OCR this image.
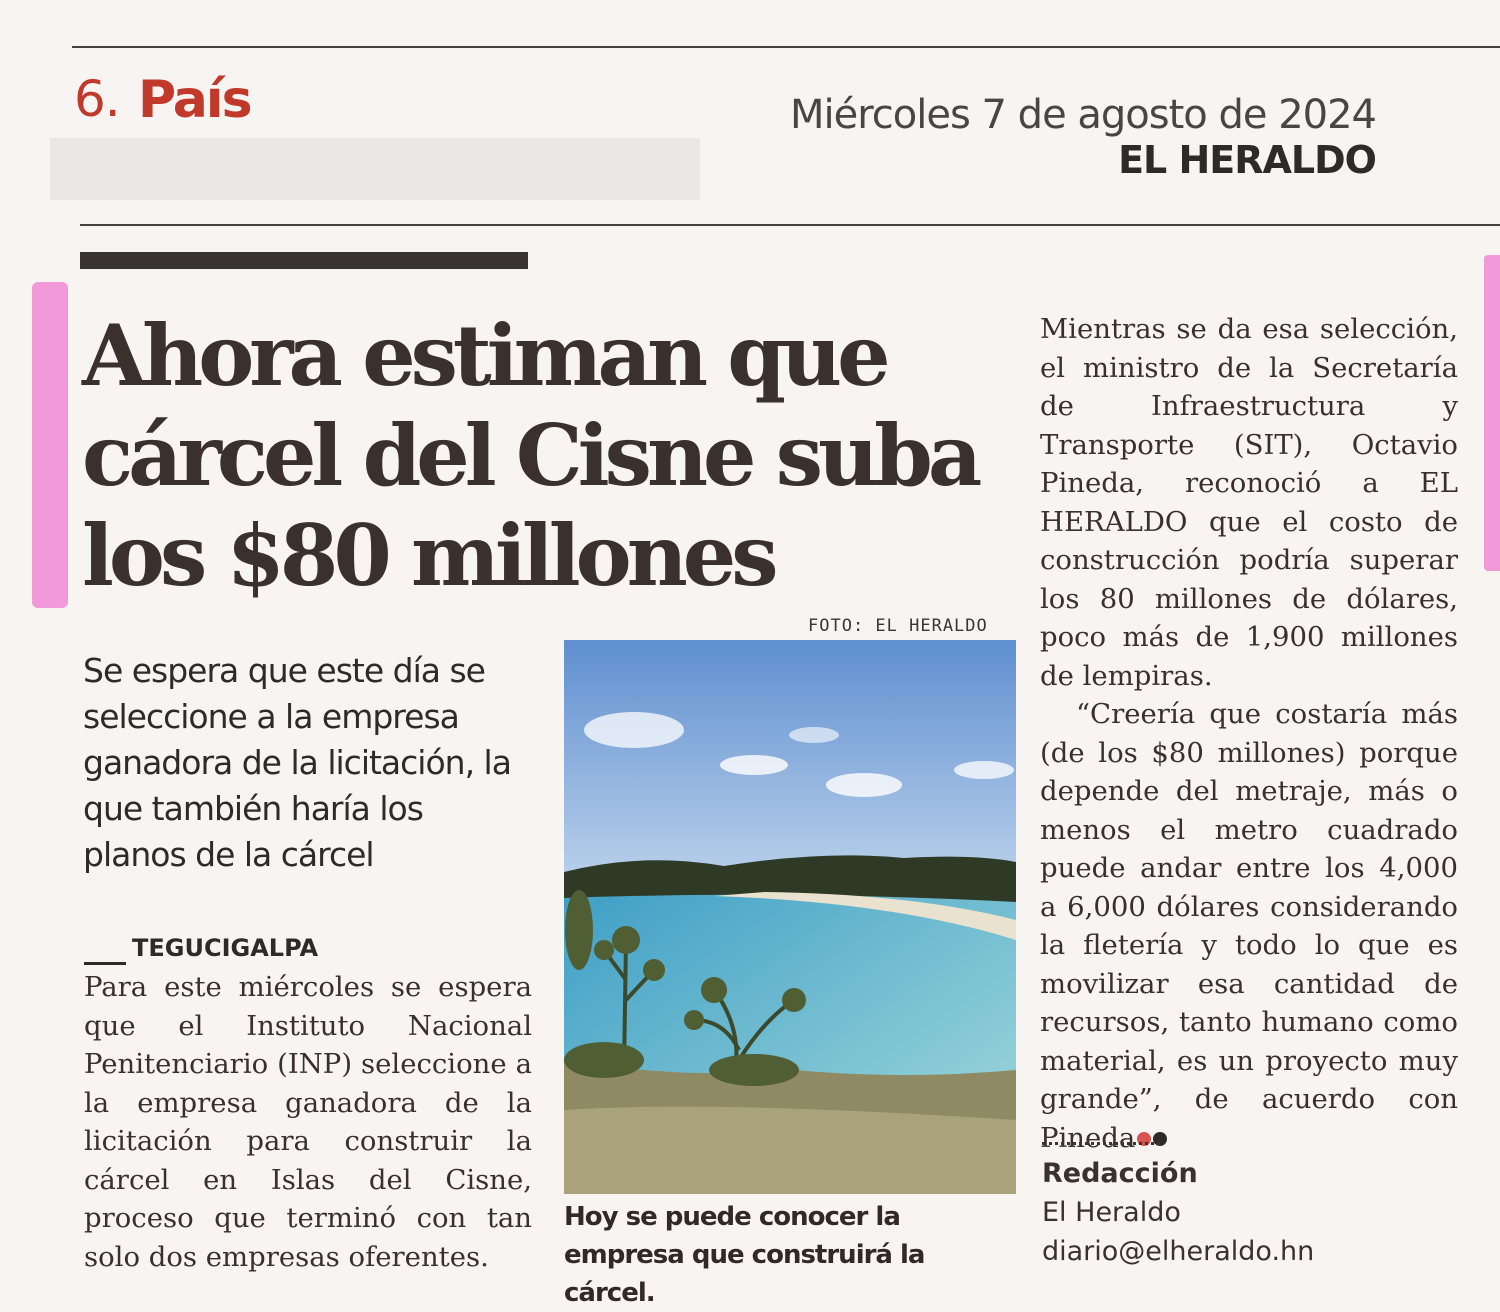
6. País	Miércoles 7 de agosto de 2024
EL HERALDO
Ahora estiman que
cárcel del Cisne suba
los $80 millones
Se espera que este día se seleccione a la empresa ganadora de la licitación, la que también haría los planos de la cárcel
TEGUCIGALPA
Para este miércoles se espera que el Instituto Nacional Penitenciario (INP) seleccione a la empresa ganadora de la licitación para construir la cárcel en Islas del Cisne, proceso que terminó con tan solo dos empresas oferentes.
FOTO: EL HERALDO
Hoy se puede conocer la empresa que construirá la cárcel.

Mientras se da esa selección, el ministro de la Secretaría de Infraestructura y Transporte (SIT), Octavio Pineda, reconoció a EL HERALDO que el costo de construcción podría superar los 80 millones de dólares, poco más de 1,900 millones de lempiras.

“Creería que costaría más (de los $80 millones) porque depende del metraje, más o menos el metro cuadrado puede andar entre los 4,000 a 6,000 dólares considerando la fletería y todo lo que es movilizar esa cantidad de recursos, tanto humano como material, es un proyecto muy grande”, de acuerdo con Pineda

Redacción
El Heraldo
diario@elheraldo.hn
